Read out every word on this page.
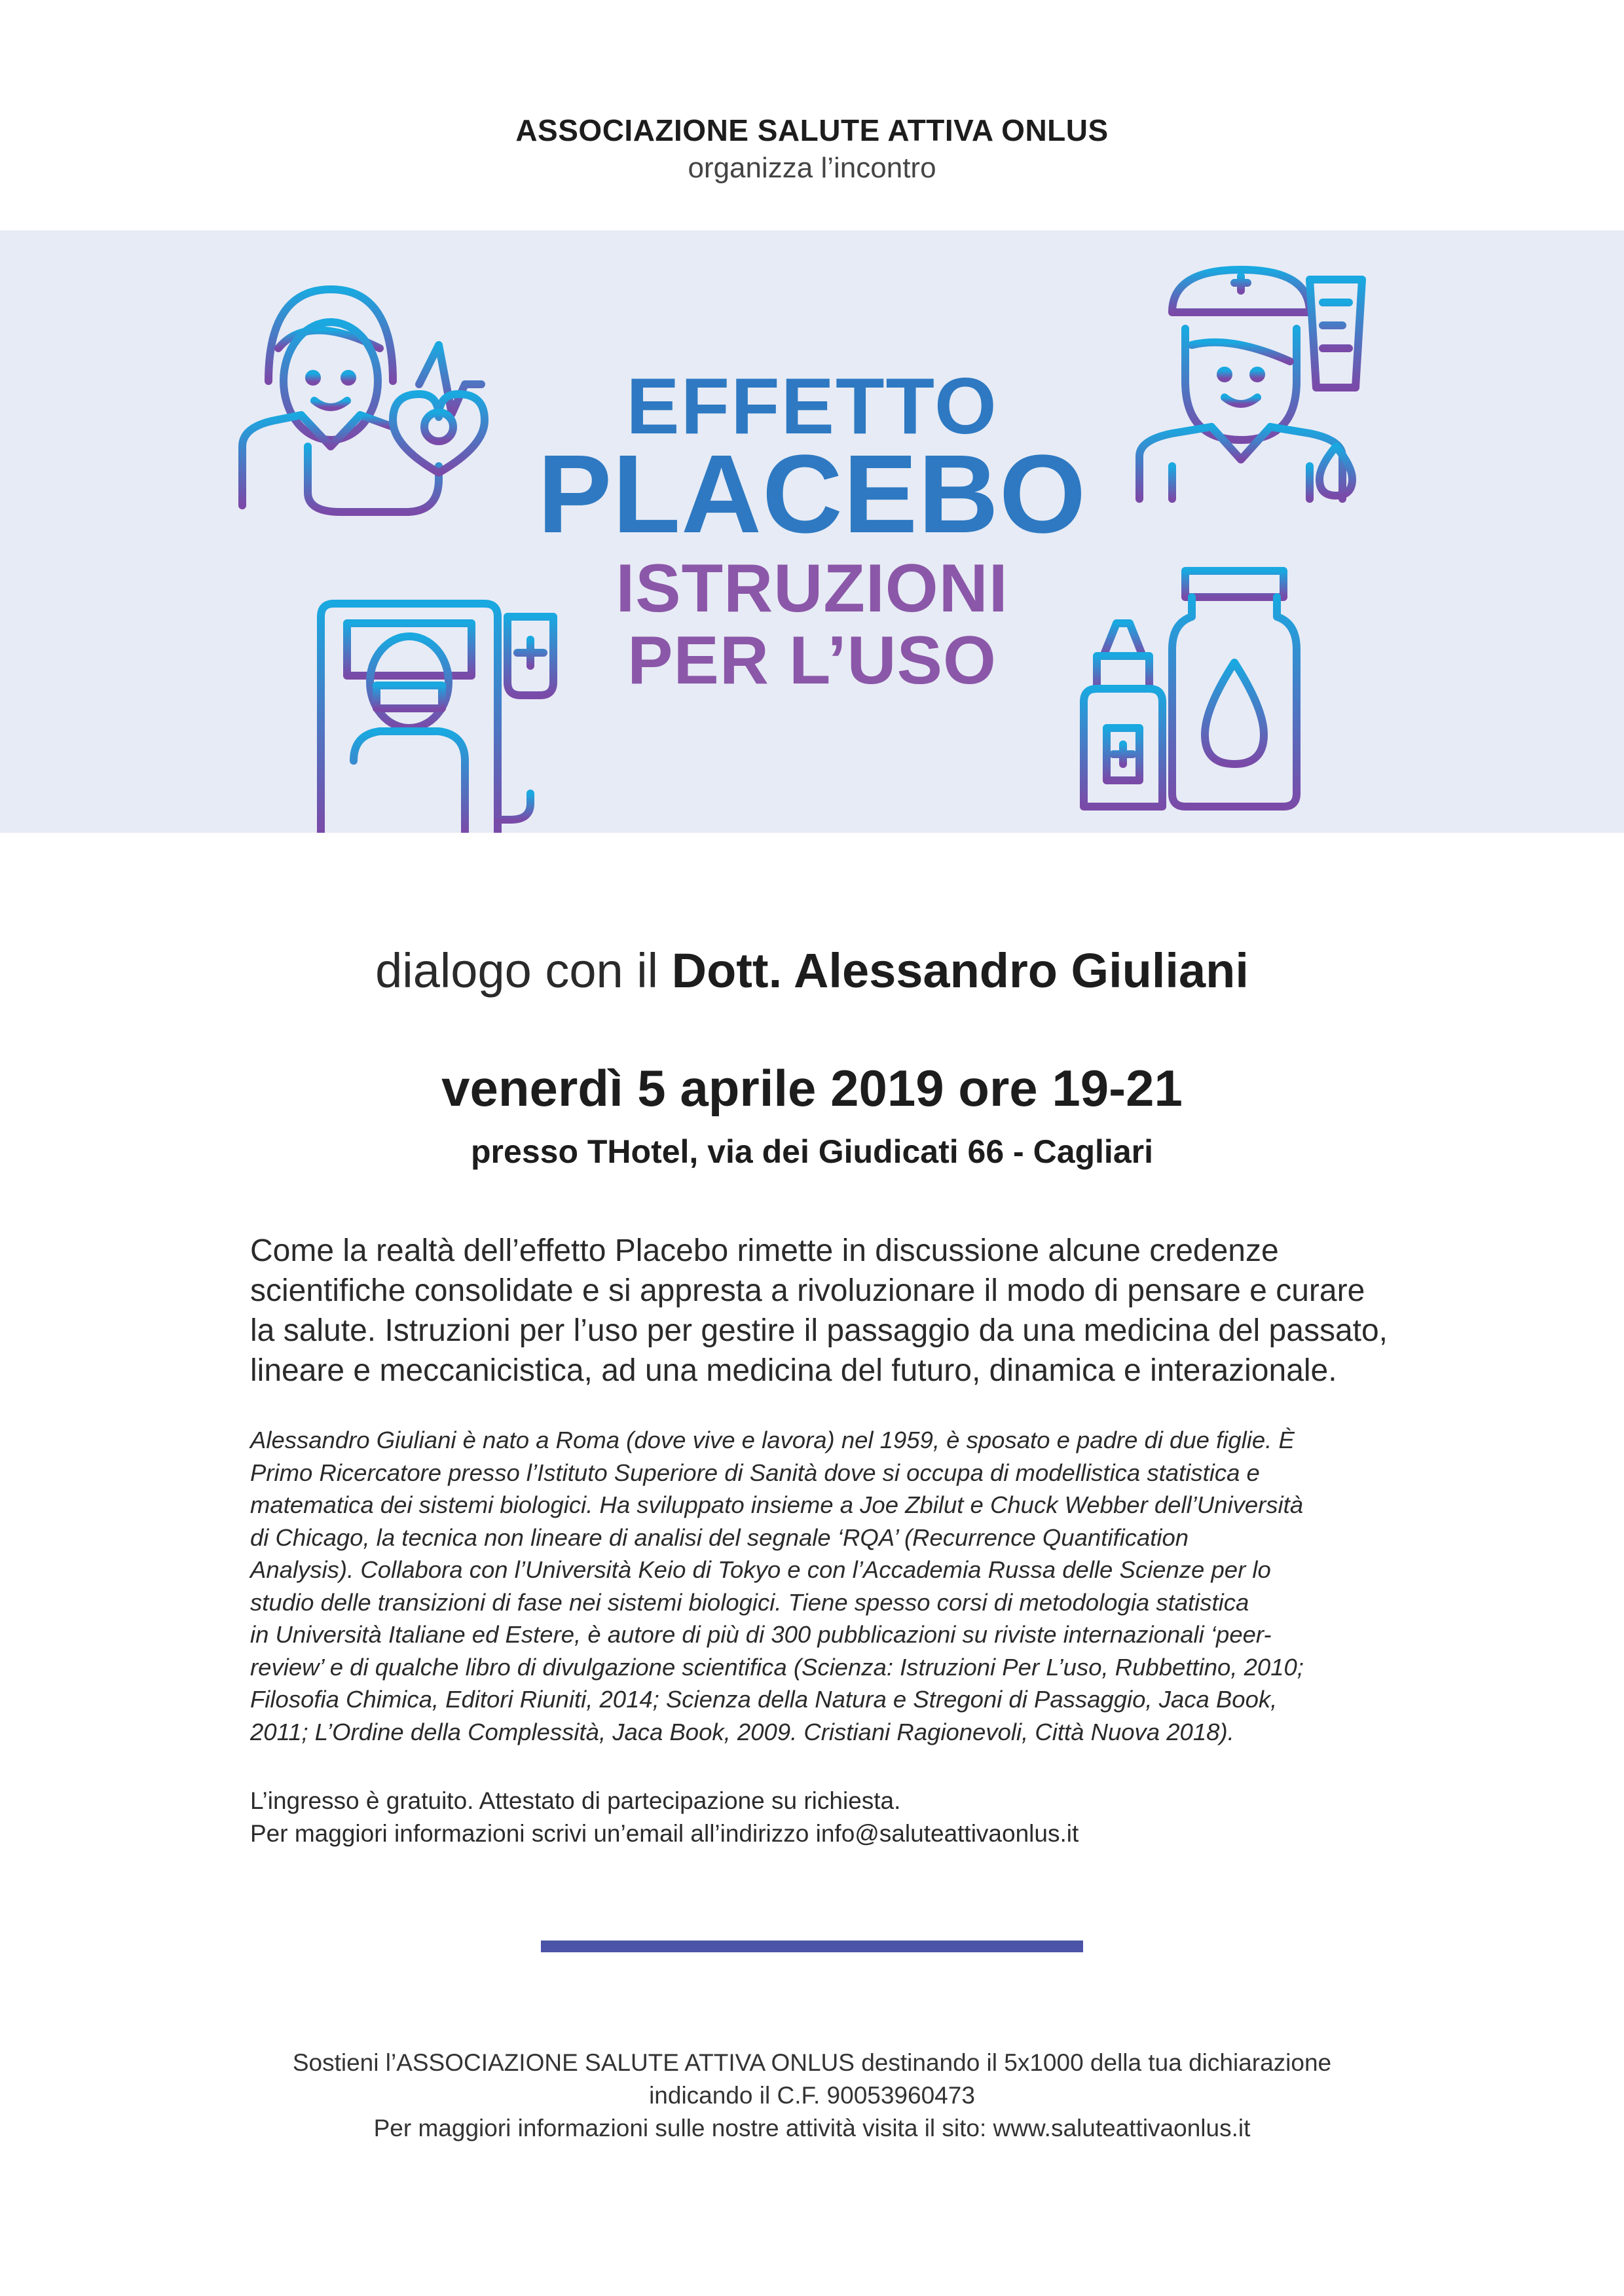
ASSOCIAZIONE SALUTE ATTIVA ONLUS
organizza l’incontro
EFFETTO
PLACEBO
ISTRUZIONI
PER L’USO
dialogo con il Dott. Alessandro Giuliani
venerdì 5 aprile 2019 ore 19-21
presso THotel, via dei Giudicati 66 - Cagliari
Come la realtà dell’effetto Placebo rimette in discussione alcune credenze
scientifiche consolidate e si appresta a rivoluzionare il modo di pensare e curare
la salute. Istruzioni per l’uso per gestire il passaggio da una medicina del passato,
lineare e meccanicistica, ad una medicina del futuro, dinamica e interazionale.
Alessandro Giuliani è nato a Roma (dove vive e lavora) nel 1959, è sposato e padre di due figlie. È
Primo Ricercatore presso l’Istituto Superiore di Sanità dove si occupa di modellistica statistica e
matematica dei sistemi biologici. Ha sviluppato insieme a Joe Zbilut e Chuck Webber dell’Università
di Chicago, la tecnica non lineare di analisi del segnale ‘RQA’ (Recurrence Quantification
Analysis). Collabora con l’Università Keio di Tokyo e con l’Accademia Russa delle Scienze per lo
studio delle transizioni di fase nei sistemi biologici. Tiene spesso corsi di metodologia statistica
in Università Italiane ed Estere, è autore di più di 300 pubblicazioni su riviste internazionali ‘peer-
review’ e di qualche libro di divulgazione scientifica (Scienza: Istruzioni Per L’uso, Rubbettino, 2010;
Filosofia Chimica, Editori Riuniti, 2014; Scienza della Natura e Stregoni di Passaggio, Jaca Book,
2011; L’Ordine della Complessità, Jaca Book, 2009. Cristiani Ragionevoli, Città Nuova 2018).
L’ingresso è gratuito. Attestato di partecipazione su richiesta.
Per maggiori informazioni scrivi un’email all’indirizzo info@saluteattivaonlus.it
Sostieni l’ASSOCIAZIONE SALUTE ATTIVA ONLUS destinando il 5x1000 della tua dichiarazione
indicando il C.F. 90053960473
Per maggiori informazioni sulle nostre attività visita il sito: www.saluteattivaonlus.it
